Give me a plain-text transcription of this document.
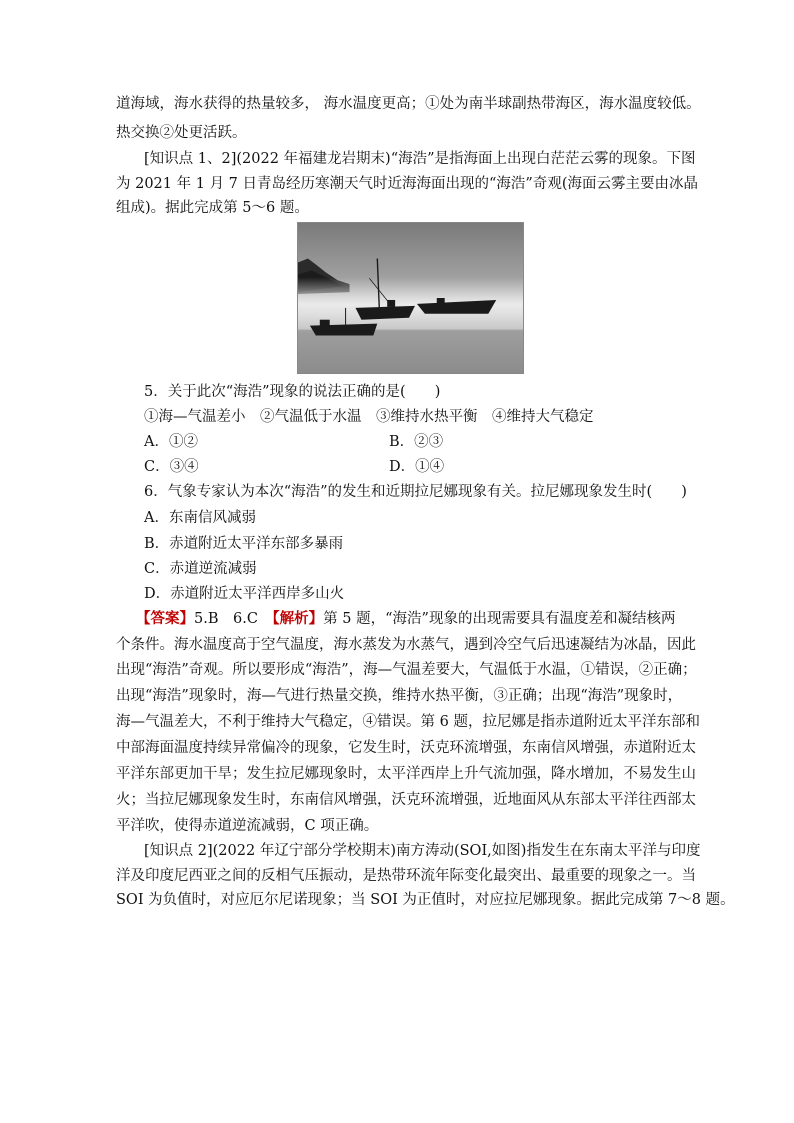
道海域，海水获得的热量较多， 海水温度更高；①处为南半球副热带海区，海水温度较低。
热交换②处更活跃。
[知识点 1、2](2022 年福建龙岩期末)“海浩”是指海面上出现白茫茫云雾的现象。下图
为 2021 年 1 月 7 日青岛经历寒潮天气时近海海面出现的“海浩”奇观(海面云雾主要由冰晶
组成)。据此完成第 5～6 题。
5．关于此次“海浩”现象的说法正确的是(　　)
①海—气温差小　②气温低于水温　③维持水热平衡　④维持大气稳定
A．①②	B．②③
C．③④	D．①④
6．气象专家认为本次“海浩”的发生和近期拉尼娜现象有关。拉尼娜现象发生时(　　)
A．东南信风减弱
B．赤道附近太平洋东部多暴雨
C．赤道逆流减弱
D．赤道附近太平洋西岸多山火
【答案】5.B　6.C　【解析】第 5 题，“海浩”现象的出现需要具有温度差和凝结核两
个条件。海水温度高于空气温度，海水蒸发为水蒸气，遇到冷空气后迅速凝结为冰晶，因此
出现“海浩”奇观。所以要形成“海浩”，海—气温差要大，气温低于水温，①错误，②正确；
出现“海浩”现象时，海—气进行热量交换，维持水热平衡，③正确；出现“海浩”现象时，
海—气温差大，不利于维持大气稳定，④错误。第 6 题，拉尼娜是指赤道附近太平洋东部和
中部海面温度持续异常偏冷的现象，它发生时，沃克环流增强，东南信风增强，赤道附近太
平洋东部更加干旱；发生拉尼娜现象时，太平洋西岸上升气流加强，降水增加，不易发生山
火；当拉尼娜现象发生时，东南信风增强，沃克环流增强，近地面风从东部太平洋往西部太
平洋吹，使得赤道逆流减弱，C 项正确。
[知识点 2](2022 年辽宁部分学校期末)南方涛动(SOI,如图)指发生在东南太平洋与印度
洋及印度尼西亚之间的反相气压振动，是热带环流年际变化最突出、最重要的现象之一。当
SOI 为负值时，对应厄尔尼诺现象；当 SOI 为正值时，对应拉尼娜现象。据此完成第 7～8 题。
